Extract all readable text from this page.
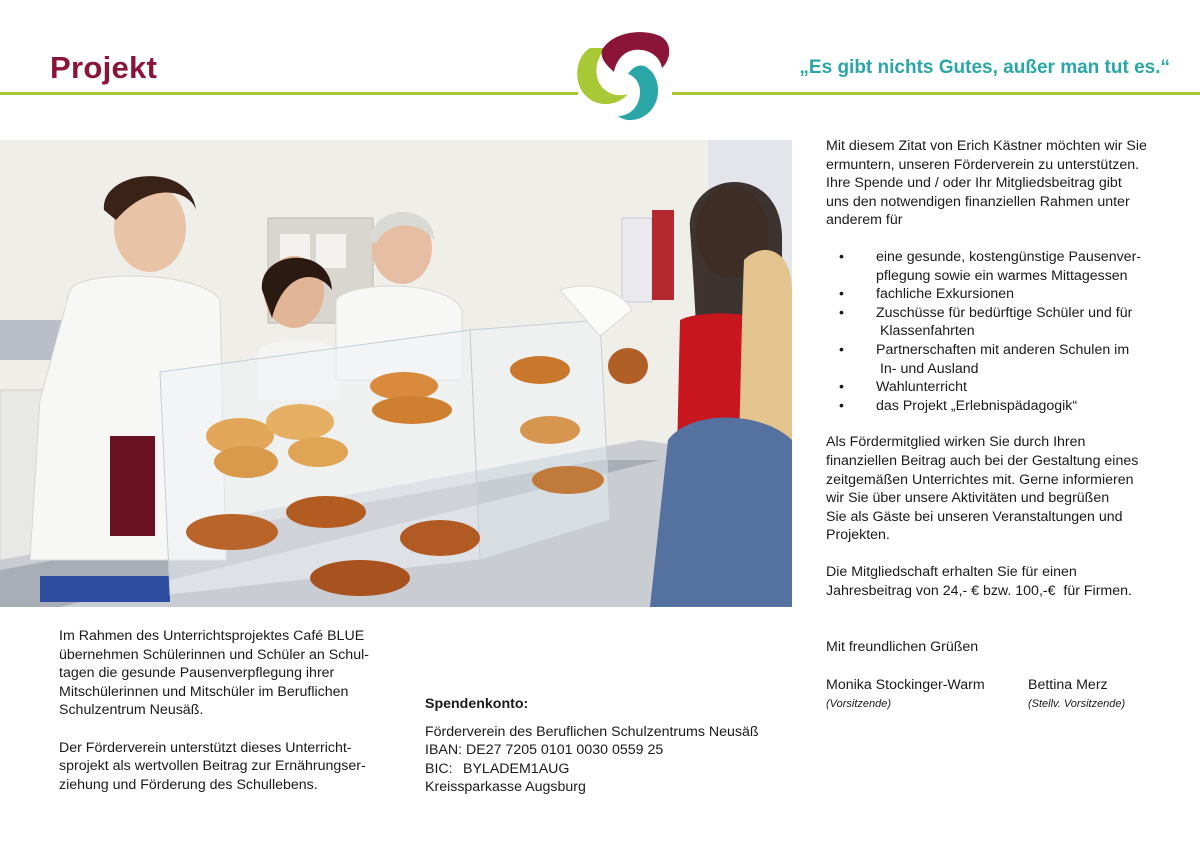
Projekt	„Es gibt nichts Gutes, außer man tut es.“

Mit diesem Zitat von Erich Kästner möchten wir Sie
ermuntern, unseren Förderverein zu unterstützen.
Ihre Spende und / oder Ihr Mitgliedsbeitrag gibt
uns den notwendigen finanziellen Rahmen unter
anderem für

• eine gesunde, kostengünstige Pausenver-
pflegung sowie ein warmes Mittagessen
• fachliche Exkursionen
• Zuschüsse für bedürftige Schüler und für
Klassenfahrten
• Partnerschaften mit anderen Schulen im
In- und Ausland
• Wahlunterricht
• das Projekt „Erlebnispädagogik“

Als Fördermitglied wirken Sie durch Ihren
finanziellen Beitrag auch bei der Gestaltung eines
zeitgemäßen Unterrichtes mit. Gerne informieren
wir Sie über unsere Aktivitäten und begrüßen
Sie als Gäste bei unseren Veranstaltungen und
Projekten.

Die Mitgliedschaft erhalten Sie für einen
Jahresbeitrag von 24,- € bzw. 100,-€  für Firmen.

Mit freundlichen Grüßen
Monika Stockinger-Warm
(Vorsitzende)
Bettina Merz
(Stellv. Vorsitzende)

Im Rahmen des Unterrichtsprojektes Café BLUE
übernehmen Schülerinnen und Schüler an Schul-
tagen die gesunde Pausenverpflegung ihrer
Mitschülerinnen und Mitschüler im Beruflichen
Schulzentrum Neusäß.

Der Förderverein unterstützt dieses Unterricht-
sprojekt als wertvollen Beitrag zur Ernährungser-
ziehung und Förderung des Schullebens.

Spendenkonto:
Förderverein des Beruflichen Schulzentrums Neusäß
IBAN: DE27 7205 0101 0030 0559 25
BIC: BYLADEM1AUG
Kreissparkasse Augsburg
